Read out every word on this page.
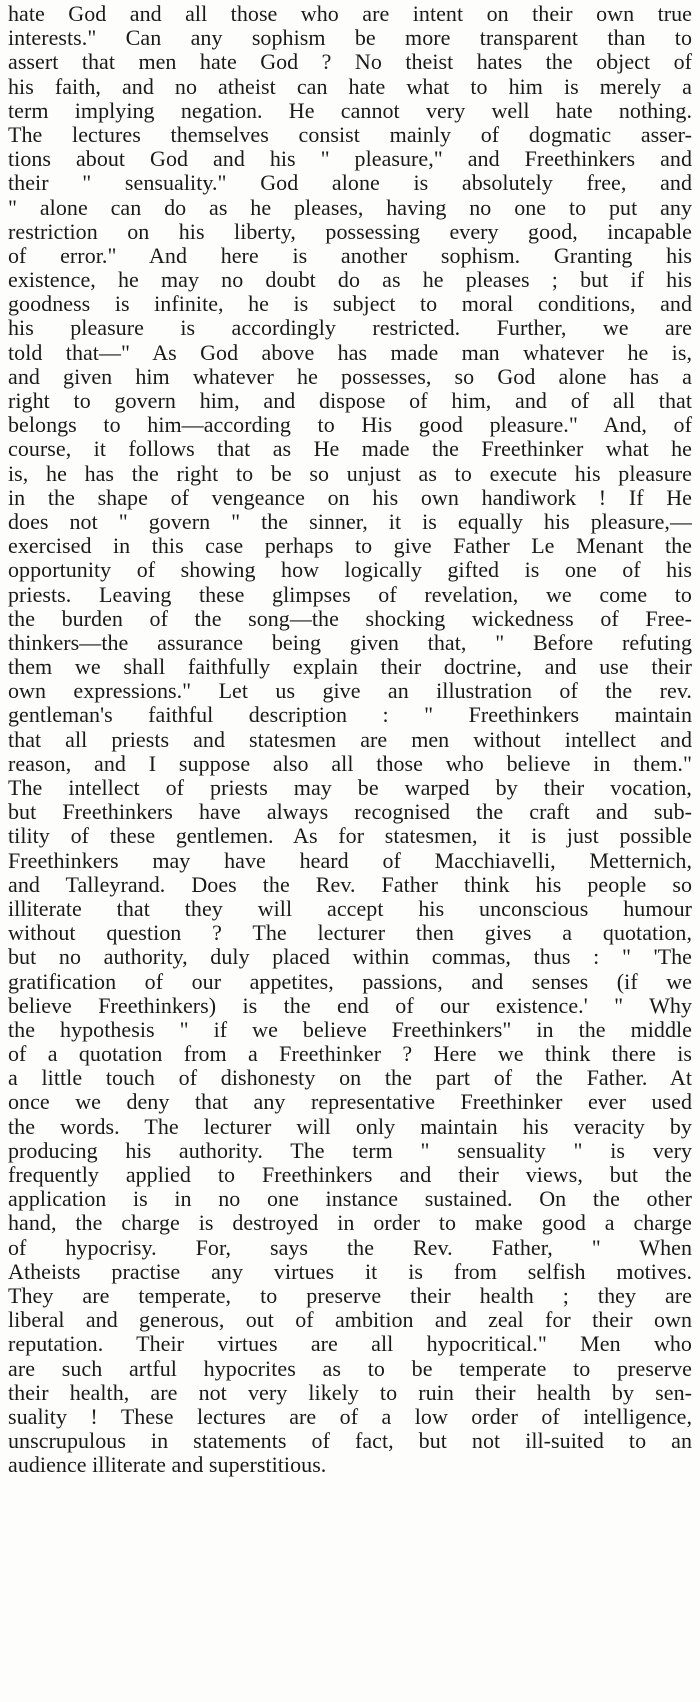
hate God and all those who are intent on their own true
interests." Can any sophism be more transparent than to
assert that men hate God ? No theist hates the object of
his faith, and no atheist can hate what to him is merely a
term implying negation. He cannot very well hate nothing.
The lectures themselves consist mainly of dogmatic asser-
tions about God and his " pleasure," and Freethinkers and
their " sensuality." God alone is absolutely free, and
" alone can do as he pleases, having no one to put any
restriction on his liberty, possessing every good, incapable
of error." And here is another sophism. Granting his
existence, he may no doubt do as he pleases ; but if his
goodness is infinite, he is subject to moral conditions, and
his pleasure is accordingly restricted. Further, we are
told that—" As God above has made man whatever he is,
and given him whatever he possesses, so God alone has a
right to govern him, and dispose of him, and of all that
belongs to him—according to His good pleasure." And, of
course, it follows that as He made the Freethinker what he
is, he has the right to be so unjust as to execute his pleasure
in the shape of vengeance on his own handiwork ! If He
does not " govern " the sinner, it is equally his pleasure,—
exercised in this case perhaps to give Father Le Menant the
opportunity of showing how logically gifted is one of his
priests. Leaving these glimpses of revelation, we come to
the burden of the song—the shocking wickedness of Free-
thinkers—the assurance being given that, " Before refuting
them we shall faithfully explain their doctrine, and use their
own expressions." Let us give an illustration of the rev.
gentleman's faithful description : " Freethinkers maintain
that all priests and statesmen are men without intellect and
reason, and I suppose also all those who believe in them."
The intellect of priests may be warped by their vocation,
but Freethinkers have always recognised the craft and sub-
tility of these gentlemen. As for statesmen, it is just possible
Freethinkers may have heard of Macchiavelli, Metternich,
and Talleyrand. Does the Rev. Father think his people so
illiterate that they will accept his unconscious humour
without question ? The lecturer then gives a quotation,
but no authority, duly placed within commas, thus : " 'The
gratification of our appetites, passions, and senses (if we
believe Freethinkers) is the end of our existence.' " Why
the hypothesis " if we believe Freethinkers" in the middle
of a quotation from a Freethinker ? Here we think there is
a little touch of dishonesty on the part of the Father. At
once we deny that any representative Freethinker ever used
the words. The lecturer will only maintain his veracity by
producing his authority. The term " sensuality " is very
frequently applied to Freethinkers and their views, but the
application is in no one instance sustained. On the other
hand, the charge is destroyed in order to make good a charge
of hypocrisy. For, says the Rev. Father, " When
Atheists practise any virtues it is from selfish motives.
They are temperate, to preserve their health ; they are
liberal and generous, out of ambition and zeal for their own
reputation. Their virtues are all hypocritical." Men who
are such artful hypocrites as to be temperate to preserve
their health, are not very likely to ruin their health by sen-
suality ! These lectures are of a low order of intelligence,
unscrupulous in statements of fact, but not ill-suited to an
audience illiterate and superstitious.
